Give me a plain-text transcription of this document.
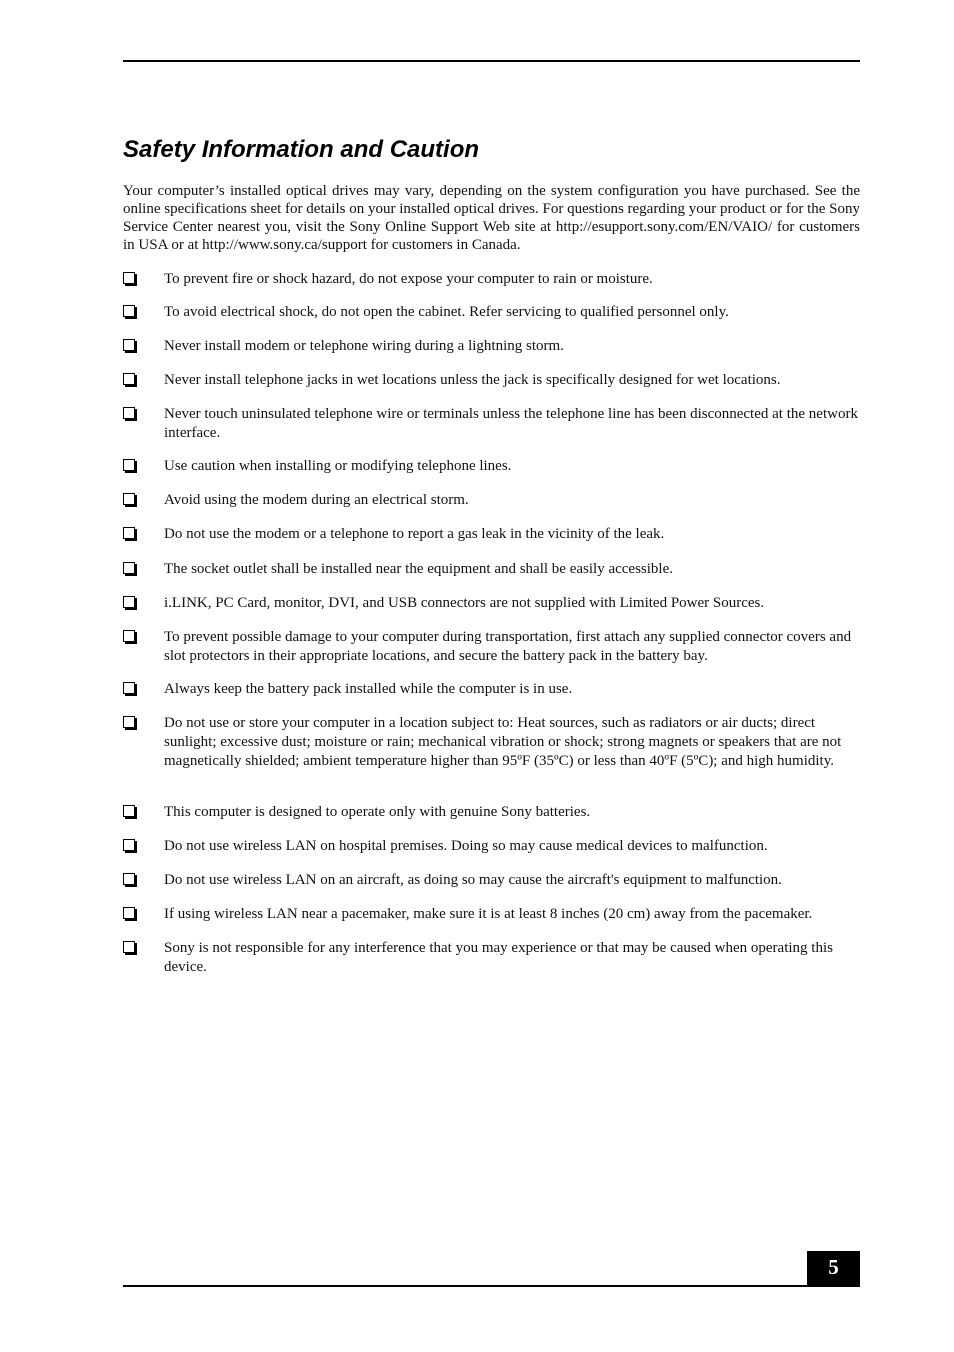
Safety Information and Caution

Your computer’s installed optical drives may vary, depending on the system configuration you have purchased. See the online specifications sheet for details on your installed optical drives. For questions regarding your product or for the Sony Service Center nearest you, visit the Sony Online Support Web site at http://esupport.sony.com/EN/VAIO/ for customers in USA or at http://www.sony.ca/support for customers in Canada.

To prevent fire or shock hazard, do not expose your computer to rain or moisture.

To avoid electrical shock, do not open the cabinet. Refer servicing to qualified personnel only.

Never install modem or telephone wiring during a lightning storm.

Never install telephone jacks in wet locations unless the jack is specifically designed for wet locations.

Never touch uninsulated telephone wire or terminals unless the telephone line has been disconnected at the network interface.

Use caution when installing or modifying telephone lines.

Avoid using the modem during an electrical storm.

Do not use the modem or a telephone to report a gas leak in the vicinity of the leak.

The socket outlet shall be installed near the equipment and shall be easily accessible.

i.LINK, PC Card, monitor, DVI, and USB connectors are not supplied with Limited Power Sources.

To prevent possible damage to your computer during transportation, first attach any supplied connector covers and slot protectors in their appropriate locations, and secure the battery pack in the battery bay.

Always keep the battery pack installed while the computer is in use.

Do not use or store your computer in a location subject to: Heat sources, such as radiators or air ducts; direct sunlight; excessive dust; moisture or rain; mechanical vibration or shock; strong magnets or speakers that are not magnetically shielded; ambient temperature higher than 95ºF (35ºC) or less than 40ºF (5ºC); and high humidity.

This computer is designed to operate only with genuine Sony batteries.

Do not use wireless LAN on hospital premises. Doing so may cause medical devices to malfunction.

Do not use wireless LAN on an aircraft, as doing so may cause the aircraft's equipment to malfunction.

If using wireless LAN near a pacemaker, make sure it is at least 8 inches (20 cm) away from the pacemaker.

Sony is not responsible for any interference that you may experience or that may be caused when operating this device.

5
